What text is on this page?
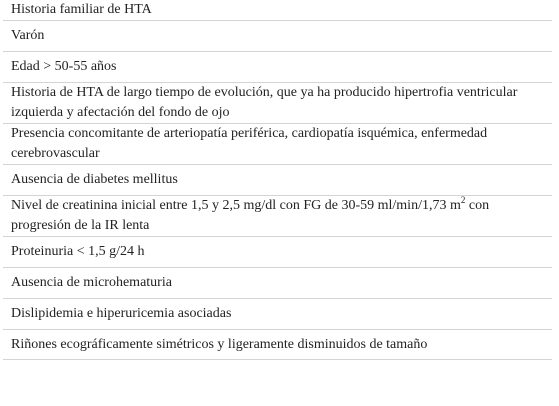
Historia familiar de HTA
Varón
Edad > 50-55 años
Historia de HTA de largo tiempo de evolución, que ya ha producido hipertrofia ventricular izquierda y afectación del fondo de ojo
Presencia concomitante de arteriopatía periférica, cardiopatía isquémica, enfermedad cerebrovascular
Ausencia de diabetes mellitus
Nivel de creatinina inicial entre 1,5 y 2,5 mg/dl con FG de 30-59 ml/min/1,73 $m^2$ con progresión de la IR lenta
Proteinuria < 1,5 g/24 h
Ausencia de microhematuria
Dislipidemia e hiperuricemia asociadas
Riñones ecográficamente simétricos y ligeramente disminuidos de tamaño
